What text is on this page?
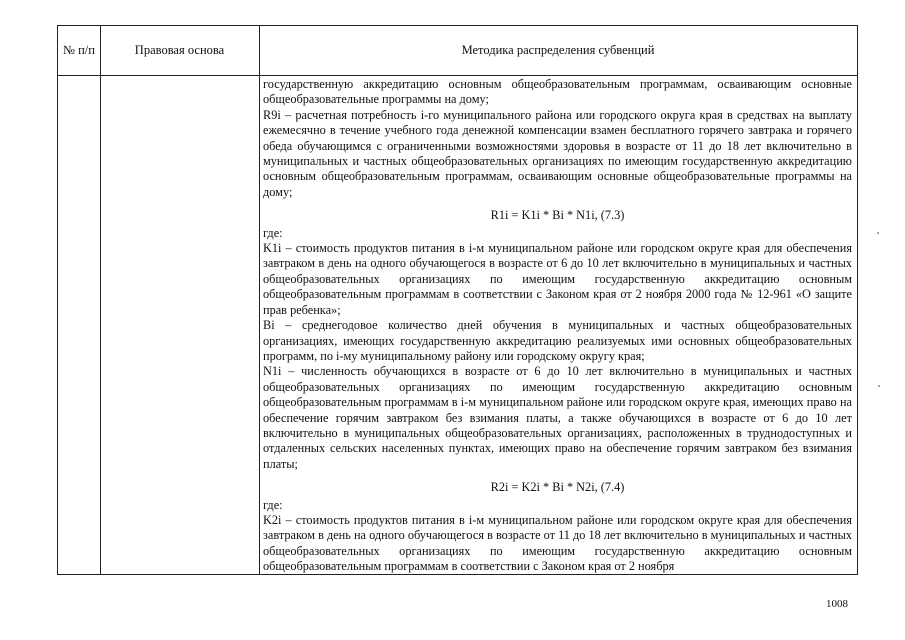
№ п/п	Правовая основа	Методика распределения субвенций

государственную аккредитацию основным общеобразовательным программам, осваивающим основные общеобразовательные программы на дому;

R9i – расчетная потребность i-го муниципального района или городского округа края в средствах на выплату ежемесячно в течение учебного года денежной компенсации взамен бесплатного горячего завтрака и горячего обеда обучающимся с ограниченными возможностями здоровья в возрасте от 11 до 18 лет включительно в муниципальных и частных общеобразовательных организациях по имеющим государственную аккредитацию основным общеобразовательным программам, осваивающим основные общеобразовательные программы на дому;

R1i = K1i * Bi * N1i, (7.3)

где:

K1i – стоимость продуктов питания в i-м муниципальном районе или городском округе края для обеспечения завтраком в день на одного обучающегося в возрасте от 6 до 10 лет включительно в муниципальных и частных общеобразовательных организациях по имеющим государственную аккредитацию основным общеобразовательным программам в соответствии с Законом края от 2 ноября 2000 года № 12-961 «О защите прав ребенка»;

Bi – среднегодовое количество дней обучения в муниципальных и частных общеобразовательных организациях, имеющих государственную аккредитацию реализуемых ими основных общеобразовательных программ, по i-му муниципальному району или городскому округу края;

N1i – численность обучающихся в возрасте от 6 до 10 лет включительно в муниципальных и частных общеобразовательных организациях по имеющим государственную аккредитацию основным общеобразовательным программам в i-м муниципальном районе или городском округе края, имеющих право на обеспечение горячим завтраком без взимания платы, а также обучающихся в возрасте от 6 до 10 лет включительно в муниципальных общеобразовательных организациях, расположенных в труднодоступных и отдаленных сельских населенных пунктах, имеющих право на обеспечение горячим завтраком без взимания платы;

R2i = K2i * Bi * N2i, (7.4)

где:

K2i – стоимость продуктов питания в i-м муниципальном районе или городском округе края для обеспечения завтраком в день на одного обучающегося в возрасте от 11 до 18 лет включительно в муниципальных и частных общеобразовательных организациях по имеющим государственную аккредитацию основным общеобразовательным программам в соответствии с Законом края от 2 ноября

1008
